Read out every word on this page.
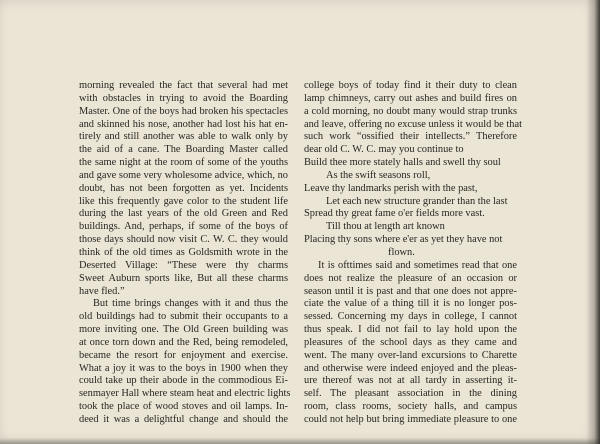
morning revealed the fact that several had met
with obstacles in trying to avoid the Boarding
Master. One of the boys had broken his spectacles
and skinned his nose, another had lost his hat en-
tirely and still another was able to walk only by
the aid of a cane. The Boarding Master called
the same night at the room of some of the youths
and gave some very wholesome advice, which, no
doubt, has not been forgotten as yet. Incidents
like this frequently gave color to the student life
during the last years of the old Green and Red
buildings. And, perhaps, if some of the boys of
those days should now visit C. W. C. they would
think of the old times as Goldsmith wrote in the
Deserted Village: “These were thy charms
Sweet Auburn sports like, But all these charms
have fled.”
But time brings changes with it and thus the
old buildings had to submit their occupants to a
more inviting one. The Old Green building was
at once torn down and the Red, being remodeled,
became the resort for enjoyment and exercise.
What a joy it was to the boys in 1900 when they
could take up their abode in the commodious Ei-
senmayer Hall where steam heat and electric lights
took the place of wood stoves and oil lamps. In-
deed it was a delightful change and should the
college boys of today find it their duty to clean
lamp chimneys, carry out ashes and build fires on
a cold morning, no doubt many would strap trunks
and leave, offering no excuse unless it would be that
such work “ossified their intellects.” Therefore
dear old C. W. C. may you continue to
Build thee more stately halls and swell thy soul
As the swift seasons roll,
Leave thy landmarks perish with the past,
Let each new structure grander than the last
Spread thy great fame o'er fields more vast.
Till thou at length art known
Placing thy sons where e'er as yet they have not
flown.
It is ofttimes said and sometimes read that one
does not realize the pleasure of an occasion or
season until it is past and that one does not appre-
ciate the value of a thing till it is no longer pos-
sessed. Concerning my days in college, I cannot
thus speak. I did not fail to lay hold upon the
pleasures of the school days as they came and
went. The many over-land excursions to Charette
and otherwise were indeed enjoyed and the pleas-
ure thereof was not at all tardy in asserting it-
self. The pleasant association in the dining
room, class rooms, society halls, and campus
could not help but bring immediate pleasure to one
